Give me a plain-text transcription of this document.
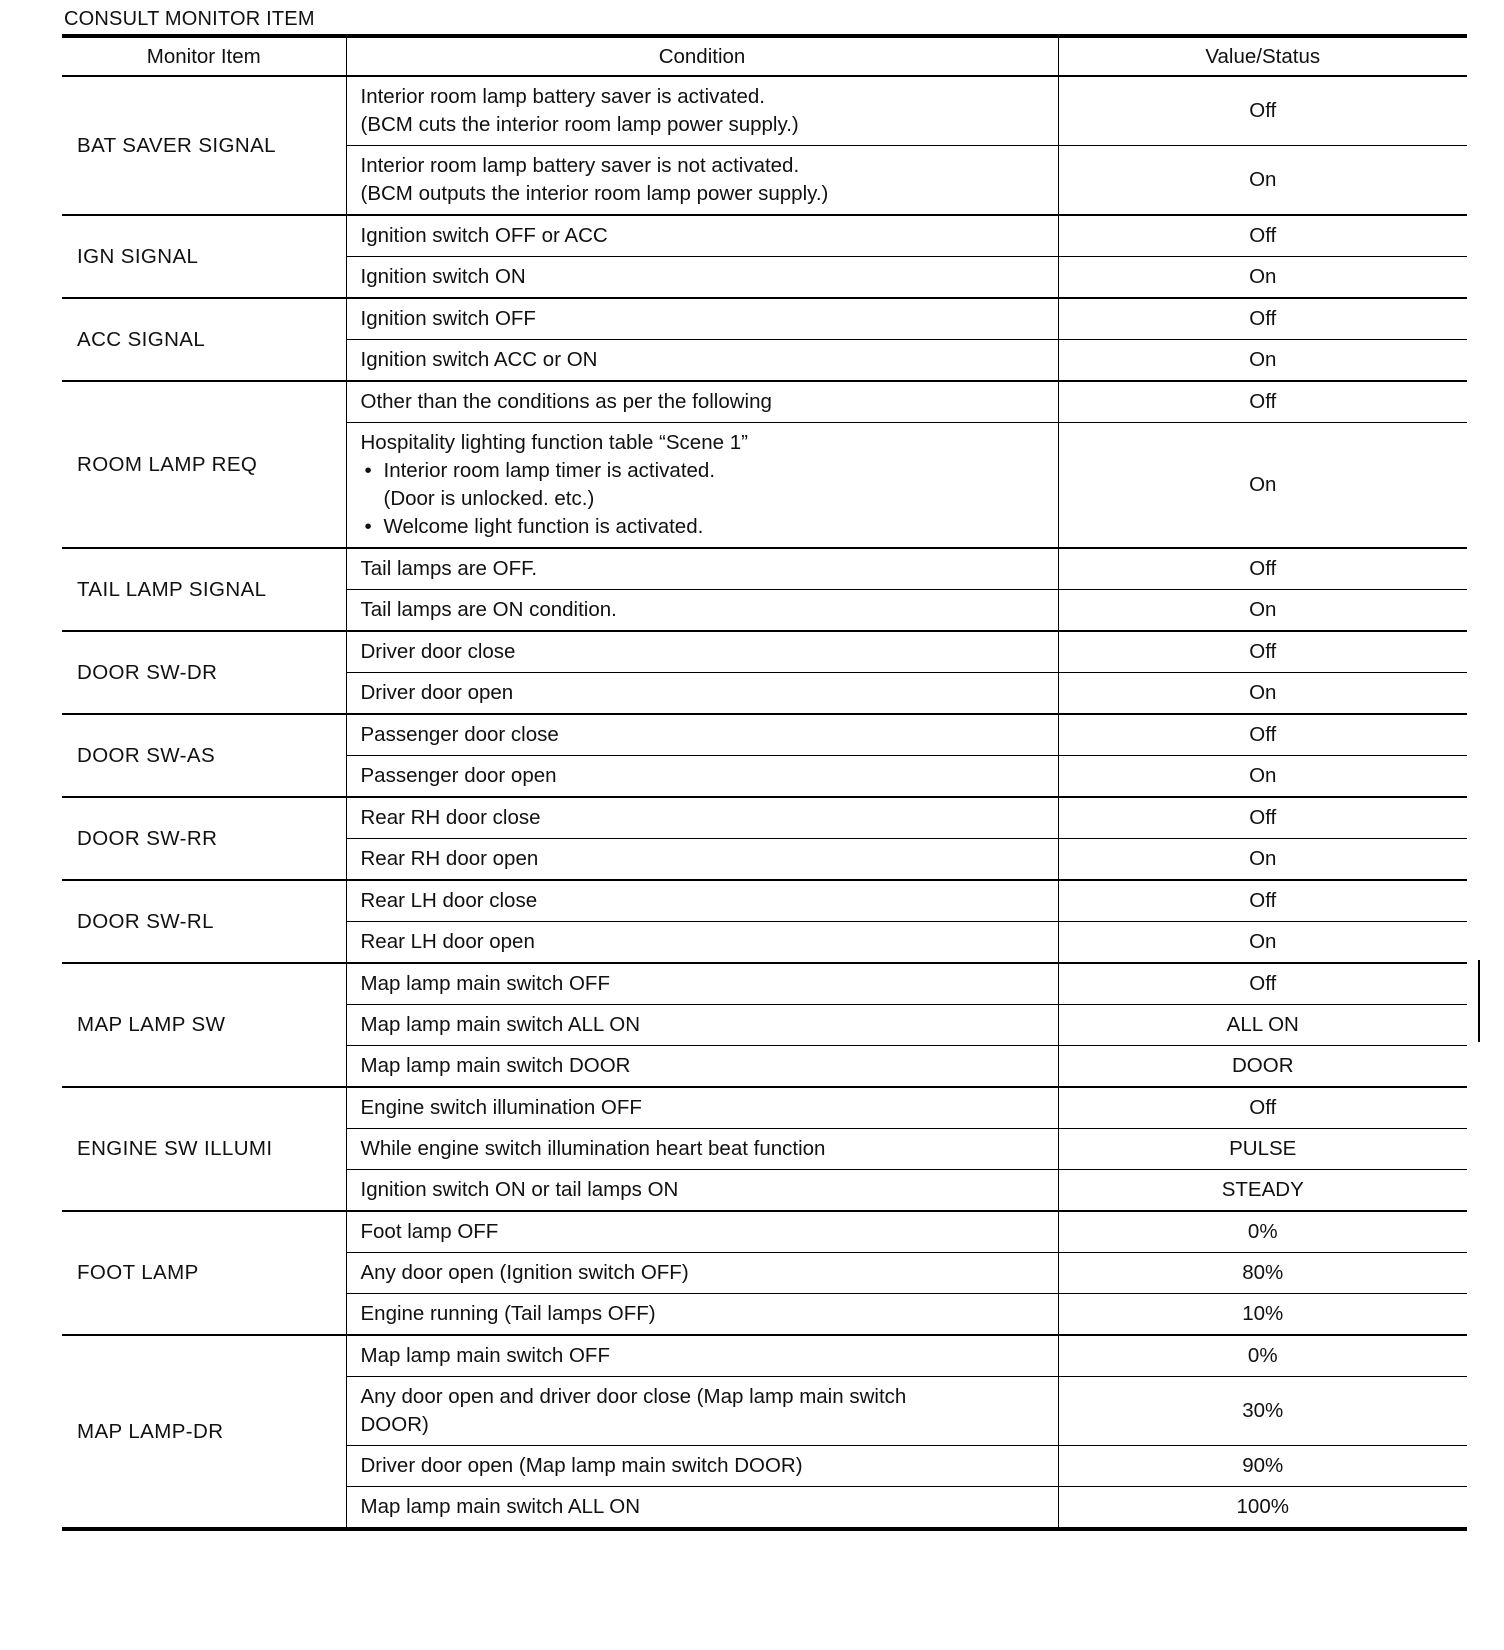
CONSULT MONITOR ITEM
Monitor Item	Condition	Value/Status
BAT SAVER SIGNAL	Interior room lamp battery saver is activated.
(BCM cuts the interior room lamp power supply.)	Off

	Interior room lamp battery saver is not activated.
(BCM outputs the interior room lamp power supply.)	On
IGN SIGNAL	Ignition switch OFF or ACC	Off

	Ignition switch ON	On
ACC SIGNAL	Ignition switch OFF	Off

	Ignition switch ACC or ON	On
ROOM LAMP REQ	Other than the conditions as per the following	Off

	Hospitality lighting function table “Scene 1”
• Interior room lamp timer is activated.
(Door is unlocked. etc.)
• Welcome light function is activated.	On
TAIL LAMP SIGNAL	Tail lamps are OFF.	Off

	Tail lamps are ON condition.	On
DOOR SW-DR	Driver door close	Off

	Driver door open	On
DOOR SW-AS	Passenger door close	Off

	Passenger door open	On
DOOR SW-RR	Rear RH door close	Off

	Rear RH door open	On
DOOR SW-RL	Rear LH door close	Off

	Rear LH door open	On
MAP LAMP SW	Map lamp main switch OFF	Off

	Map lamp main switch ALL ON	ALL ON

	Map lamp main switch DOOR	DOOR
ENGINE SW ILLUMI	Engine switch illumination OFF	Off

	While engine switch illumination heart beat function	PULSE

	Ignition switch ON or tail lamps ON	STEADY
FOOT LAMP	Foot lamp OFF	0%

	Any door open (Ignition switch OFF)	80%

	Engine running (Tail lamps OFF)	10%
MAP LAMP-DR	Map lamp main switch OFF	0%

	Any door open and driver door close (Map lamp main switch
DOOR)	30%

	Driver door open (Map lamp main switch DOOR)	90%

	Map lamp main switch ALL ON	100%
